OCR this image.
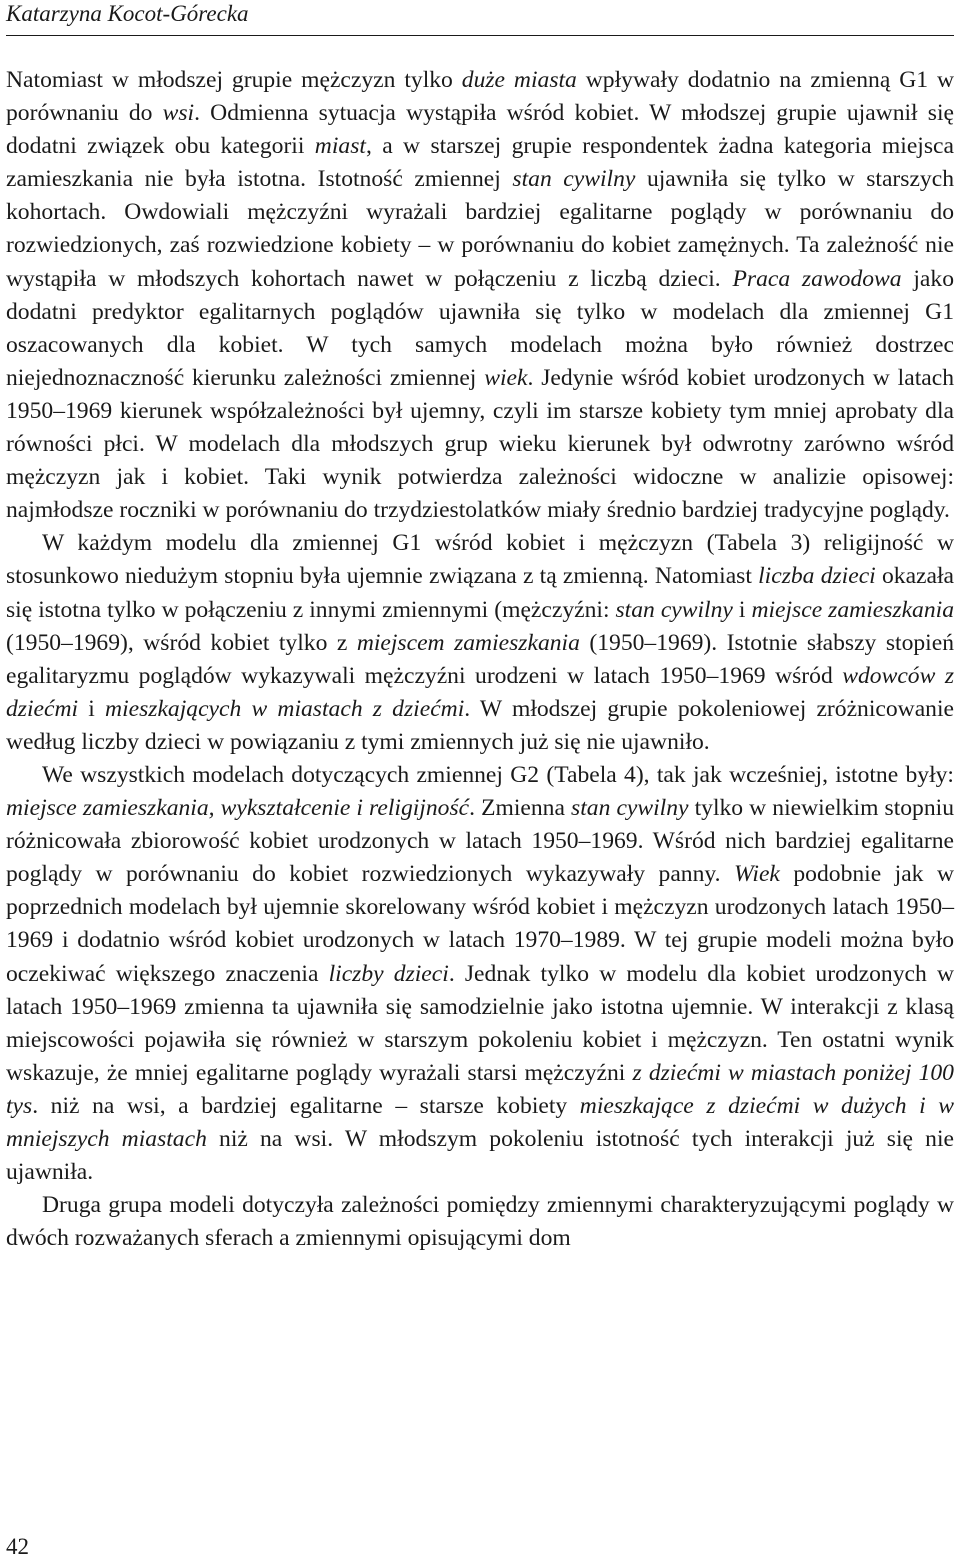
Katarzyna Kocot-Górecka

Natomiast w młodszej grupie mężczyzn tylko duże miasta wpływały dodatnio na zmienną G1 w porównaniu do wsi. Odmienna sytuacja wystąpiła wśród kobiet. W młodszej grupie ujawnił się dodatni związek obu kategorii miast, a w starszej grupie respondentek żadna kategoria miejsca zamieszkania nie była istotna. Istotność zmiennej stan cywilny ujawniła się tylko w starszych kohortach. Owdowiali mężczyźni wyrażali bardziej egalitarne poglądy w porównaniu do rozwiedzionych, zaś rozwiedzione kobiety – w porównaniu do kobiet zamężnych. Ta zależność nie wystąpiła w młodszych kohortach nawet w połączeniu z liczbą dzieci. Praca zawodowa jako dodatni predyktor egalitarnych poglądów ujawniła się tylko w modelach dla zmiennej G1 oszacowanych dla kobiet. W tych samych modelach można było również dostrzec niejednoznaczność kierunku zależności zmiennej wiek. Jedynie wśród kobiet urodzonych w latach 1950–1969 kierunek współzależności był ujemny, czyli im starsze kobiety tym mniej aprobaty dla równości płci. W modelach dla młodszych grup wieku kierunek był odwrotny zarówno wśród mężczyzn jak i kobiet. Taki wynik potwierdza zależności widoczne w analizie opisowej: najmłodsze roczniki w porównaniu do trzydziestolatków miały średnio bardziej tradycyjne poglądy.

W każdym modelu dla zmiennej G1 wśród kobiet i mężczyzn (Tabela 3) religijność w stosunkowo niedużym stopniu była ujemnie związana z tą zmienną. Natomiast liczba dzieci okazała się istotna tylko w połączeniu z innymi zmiennymi (mężczyźni: stan cywilny i miejsce zamieszkania (1950–1969), wśród kobiet tylko z miejscem zamieszkania (1950–1969). Istotnie słabszy stopień egalitaryzmu poglądów wykazywali mężczyźni urodzeni w latach 1950–1969 wśród wdowców z dziećmi i mieszkających w miastach z dziećmi. W młodszej grupie pokoleniowej zróżnicowanie według liczby dzieci w powiązaniu z tymi zmiennych już się nie ujawniło.

We wszystkich modelach dotyczących zmiennej G2 (Tabela 4), tak jak wcześniej, istotne były: miejsce zamieszkania, wykształcenie i religijność. Zmienna stan cywilny tylko w niewielkim stopniu różnicowała zbiorowość kobiet urodzonych w latach 1950–1969. Wśród nich bardziej egalitarne poglądy w porównaniu do kobiet rozwiedzionych wykazywały panny. Wiek podobnie jak w poprzednich modelach był ujemnie skorelowany wśród kobiet i mężczyzn urodzonych latach 1950–1969 i dodatnio wśród kobiet urodzonych w latach 1970–1989. W tej grupie modeli można było oczekiwać większego znaczenia liczby dzieci. Jednak tylko w modelu dla kobiet urodzonych w latach 1950–1969 zmienna ta ujawniła się samodzielnie jako istotna ujemnie. W interakcji z klasą miejscowości pojawiła się również w starszym pokoleniu kobiet i mężczyzn. Ten ostatni wynik wskazuje, że mniej egalitarne poglądy wyrażali starsi mężczyźni z dziećmi w miastach poniżej 100 tys. niż na wsi, a bardziej egalitarne – starsze kobiety mieszkające z dziećmi w dużych i w mniejszych miastach niż na wsi. W młodszym pokoleniu istotność tych interakcji już się nie ujawniła.

Druga grupa modeli dotyczyła zależności pomiędzy zmiennymi charakteryzującymi poglądy w dwóch rozważanych sferach a zmiennymi opisującymi dom

42
